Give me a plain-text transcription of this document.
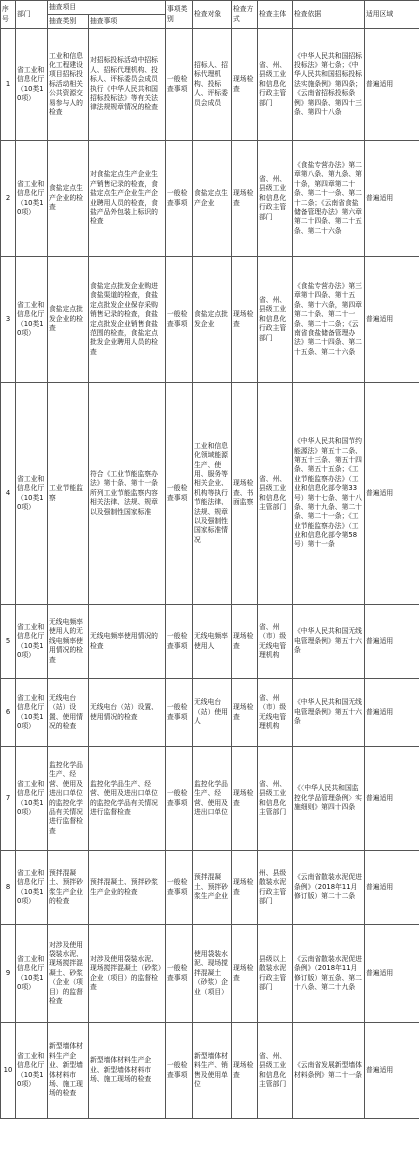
序号	部门	抽查项目		事项类别	检查对象	检查方式	检查主体	检查依据	适用区域
		抽查类别	抽查事项						
1	省工业和信息化厅（10类10项）	工业和信息化工程建设项目招标投标活动相关公共资源交易参与人的检查	对招标投标活动中招标人、招标代理机构、投标人、评标委员会成员执行《中华人民共和国招标投标法》等有关法律法规规章情况的检查	一般检查事项	招标人、招标代理机构、投标人、评标委员会成员	现场检查	省、州、县级工业和信息化行政主管部门	《中华人民共和国招标投标法》第七条；《中华人民共和国招标投标法实施条例》第四条；《云南省招标投标条例》第四条、第四十三条、第四十八条	普遍适用
2	省工业和信息化厅（10类10项）	食盐定点生产企业的检查	对食盐定点生产企业生产销售记录的检查，食盐定点生产企业生产企业聘用人员的检查，食盐产品外包装上标识的检查	一般检查事项	食盐定点生产企业	现场检查	省、州、县级工业和信息化行政主管部门	《食盐专营办法》第二章第八条、第九条、第十条，第四章第二十条、第二十一条、第二十二条；《云南省食盐储备管理办法》第六章第二十四条、第二十五条、第二十六条	普遍适用
3	省工业和信息化厅（10类10项）	食盐定点批发企业的检查	食盐定点批发企业购进食盐渠道的检查，食盐定点批发企业保存采购销售记录的检查，食盐定点批发企业销售食盐范围的检查，食盐定点批发企业聘用人员的检查	一般检查事项	食盐定点批发企业	现场检查	省、州、县级工业和信息化行政主管部门	《食盐专营办法》第三章第十四条、第十五条、第十六条，第四章第二十条、第二十一条、第二十二条；《云南省食盐储备管理办法》第二十四条、第二十五条、第二十六条	普遍适用
4	省工业和信息化厅（10类10项）	工业节能监察	符合《工业节能监察办法》第十条、第十一条所列工业节能监察内容相关法律、法规、规章以及强制性国家标准	一般检查事项	工业和信息化领域能源生产、使用、服务等相关企业、机构等执行节能法律、法规、规章以及强制性国家标准情况	现场检查、书面监察	省、州、县级工业和信息化主管部门	《中华人民共和国节约能源法》第五十二条、第五十三条、第五十四条、第五十五条；《工业节能监察办法》（工业和信息化部令第33号）第十七条、第十八条、第十九条、第二十条、第二十一条；《工业节能监察办法》（工业和信息化部令第58号）第十一条	普遍适用
5	省工业和信息化厅（10类10项）	无线电频率使用人的无线电频率使用情况的检查	无线电频率使用情况的检查	一般检查事项	无线电频率使用人	现场检查	省、州（市）级无线电管理机构	《中华人民共和国无线电管理条例》第五十六条	普遍适用
6	省工业和信息化厅（10类10项）	无线电台（站）设置、使用情况的检查	无线电台（站）设置、使用情况的检查	一般检查事项	无线电台（站）使用人	现场检查	省、州（市）级无线电管理机构	《中华人民共和国无线电管理条例》第五十六条	普遍适用
7	省工业和信息化厅（10类10项）	监控化学品生产、经营、使用及进出口单位的监控化学品有关情况进行监督检查	监控化学品生产、经营、使用及进出口单位的监控化学品有关情况进行监督检查	一般检查事项	监控化学品生产、经营、使用及进出口单位	现场检查	省、州、县级工业和信息化主管部门	《〈中华人民共和国监控化学品管理条例〉实施细则》第四十四条	普遍适用
8	省工业和信息化厅（10类10项）	预拌混凝土、预拌砂浆生产企业的检查	预拌混凝土、预拌砂浆生产企业的检查	一般检查事项	预拌混凝土、预拌砂浆生产企业	现场检查	州、县级散装水泥行政主管部门	《云南省散装水泥促进条例》（2018年11月修订版）第二十二条	普遍适用
9	省工业和信息化厅（10类10项）	对涉及使用袋装水泥、现场搅拌混凝土、砂浆（企业（项目）的监督检查	对涉及使用袋装水泥、现场搅拌混凝土（砂浆）企业（项目）的监督检查	一般检查事项	使用袋装水泥、现场搅拌混凝土（砂浆）企业（项目）	现场检查	县级以上散装水泥行政主管部门	《云南省散装水泥促进条例》（2018年11月修订版）第五条、第二十八条、第二十九条	普遍适用
10	省工业和信息化厅（10类10项）	新型墙体材料生产企业、新型墙体材料市场、施工现场的检查	新型墙体材料生产企业、新型墙体材料市场、施工现场的检查	一般检查事项	新型墙体材料生产、销售及使用单位	现场检查	省、州、县级工业和信息化主管部门	《云南省发展新型墙体材料条例》第二十一条	普遍适用
